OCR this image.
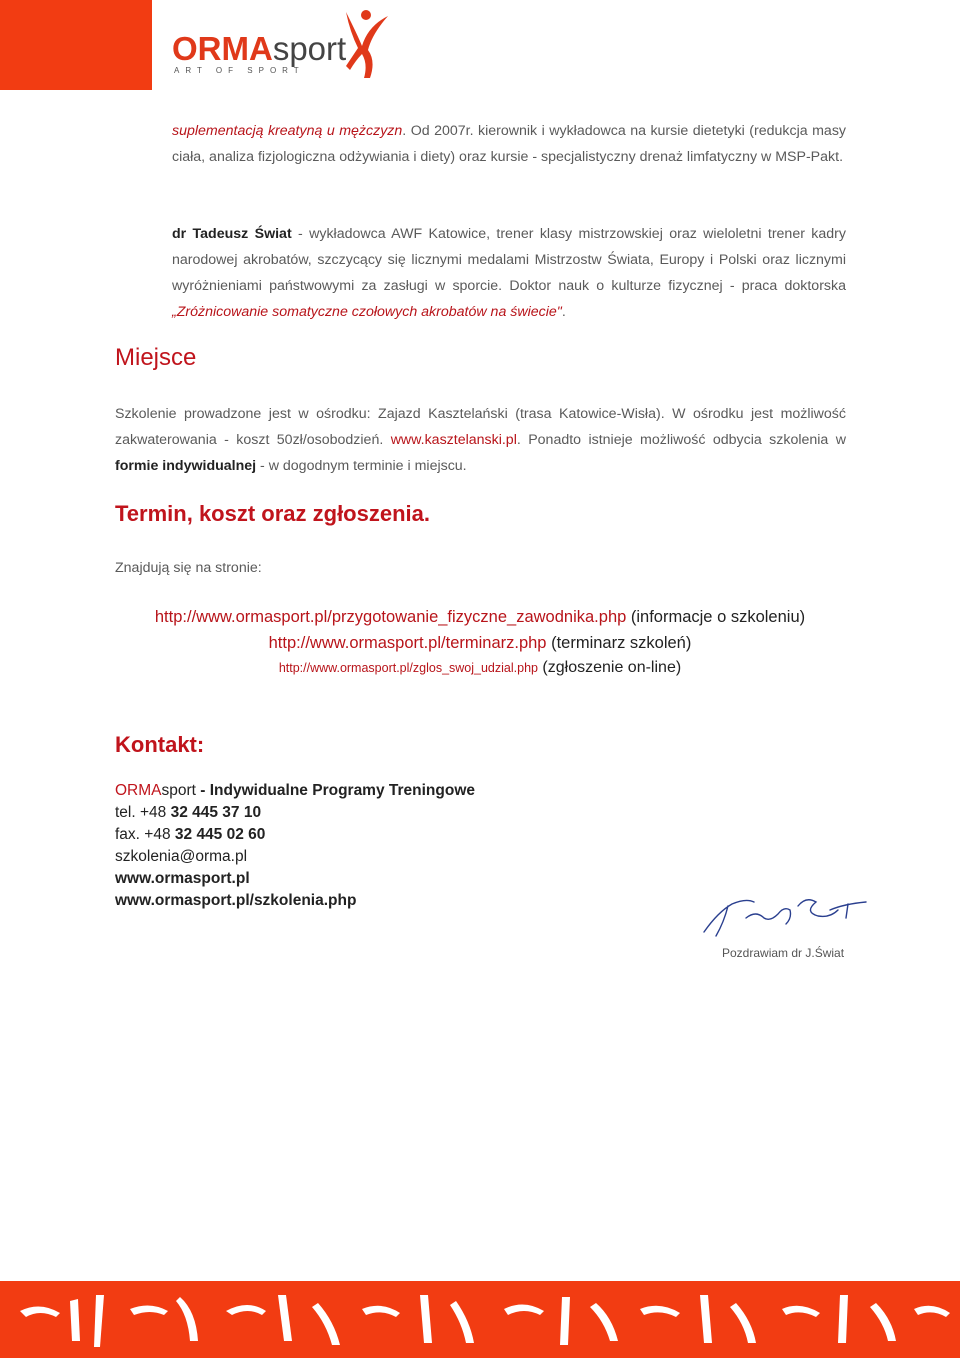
ORMAsport
ART OF SPORT

suplementacją kreatyną u mężczyzn. Od 2007r. kierownik i wykładowca na kursie dietetyki (redukcja masy ciała, analiza fizjologiczna odżywiania i diety) oraz kursie - specjalistyczny drenaż limfatyczny w MSP-Pakt.

dr Tadeusz Świat - wykładowca AWF Katowice, trener klasy mistrzowskiej oraz wieloletni trener kadry narodowej akrobatów, szczycący się licznymi medalami Mistrzostw Świata, Europy i Polski oraz licznymi wyróżnieniami państwowymi za zasługi w sporcie. Doktor nauk o kulturze fizycznej - praca doktorska „Zróżnicowanie somatyczne czołowych akrobatów na świecie".

Miejsce

Szkolenie prowadzone jest w ośrodku: Zajazd Kasztelański (trasa Katowice-Wisła). W ośrodku jest możliwość zakwaterowania - koszt 50zł/osobodzień. www.kasztelanski.pl. Ponadto istnieje możliwość odbycia szkolenia w formie indywidualnej - w dogodnym terminie i miejscu.

Termin, koszt oraz zgłoszenia.
Znajdują się na stronie:
http://www.ormasport.pl/przygotowanie_fizyczne_zawodnika.php (informacje o szkoleniu)
http://www.ormasport.pl/terminarz.php (terminarz szkoleń)
http://www.ormasport.pl/zglos_swoj_udzial.php (zgłoszenie on-line)
Kontakt:
ORMAsport - Indywidualne Programy Treningowe
tel. +48 32 445 37 10
fax. +48 32 445 02 60
szkolenia@orma.pl
www.ormasport.pl
www.ormasport.pl/szkolenia.php
Pozdrawiam dr J.Świat
